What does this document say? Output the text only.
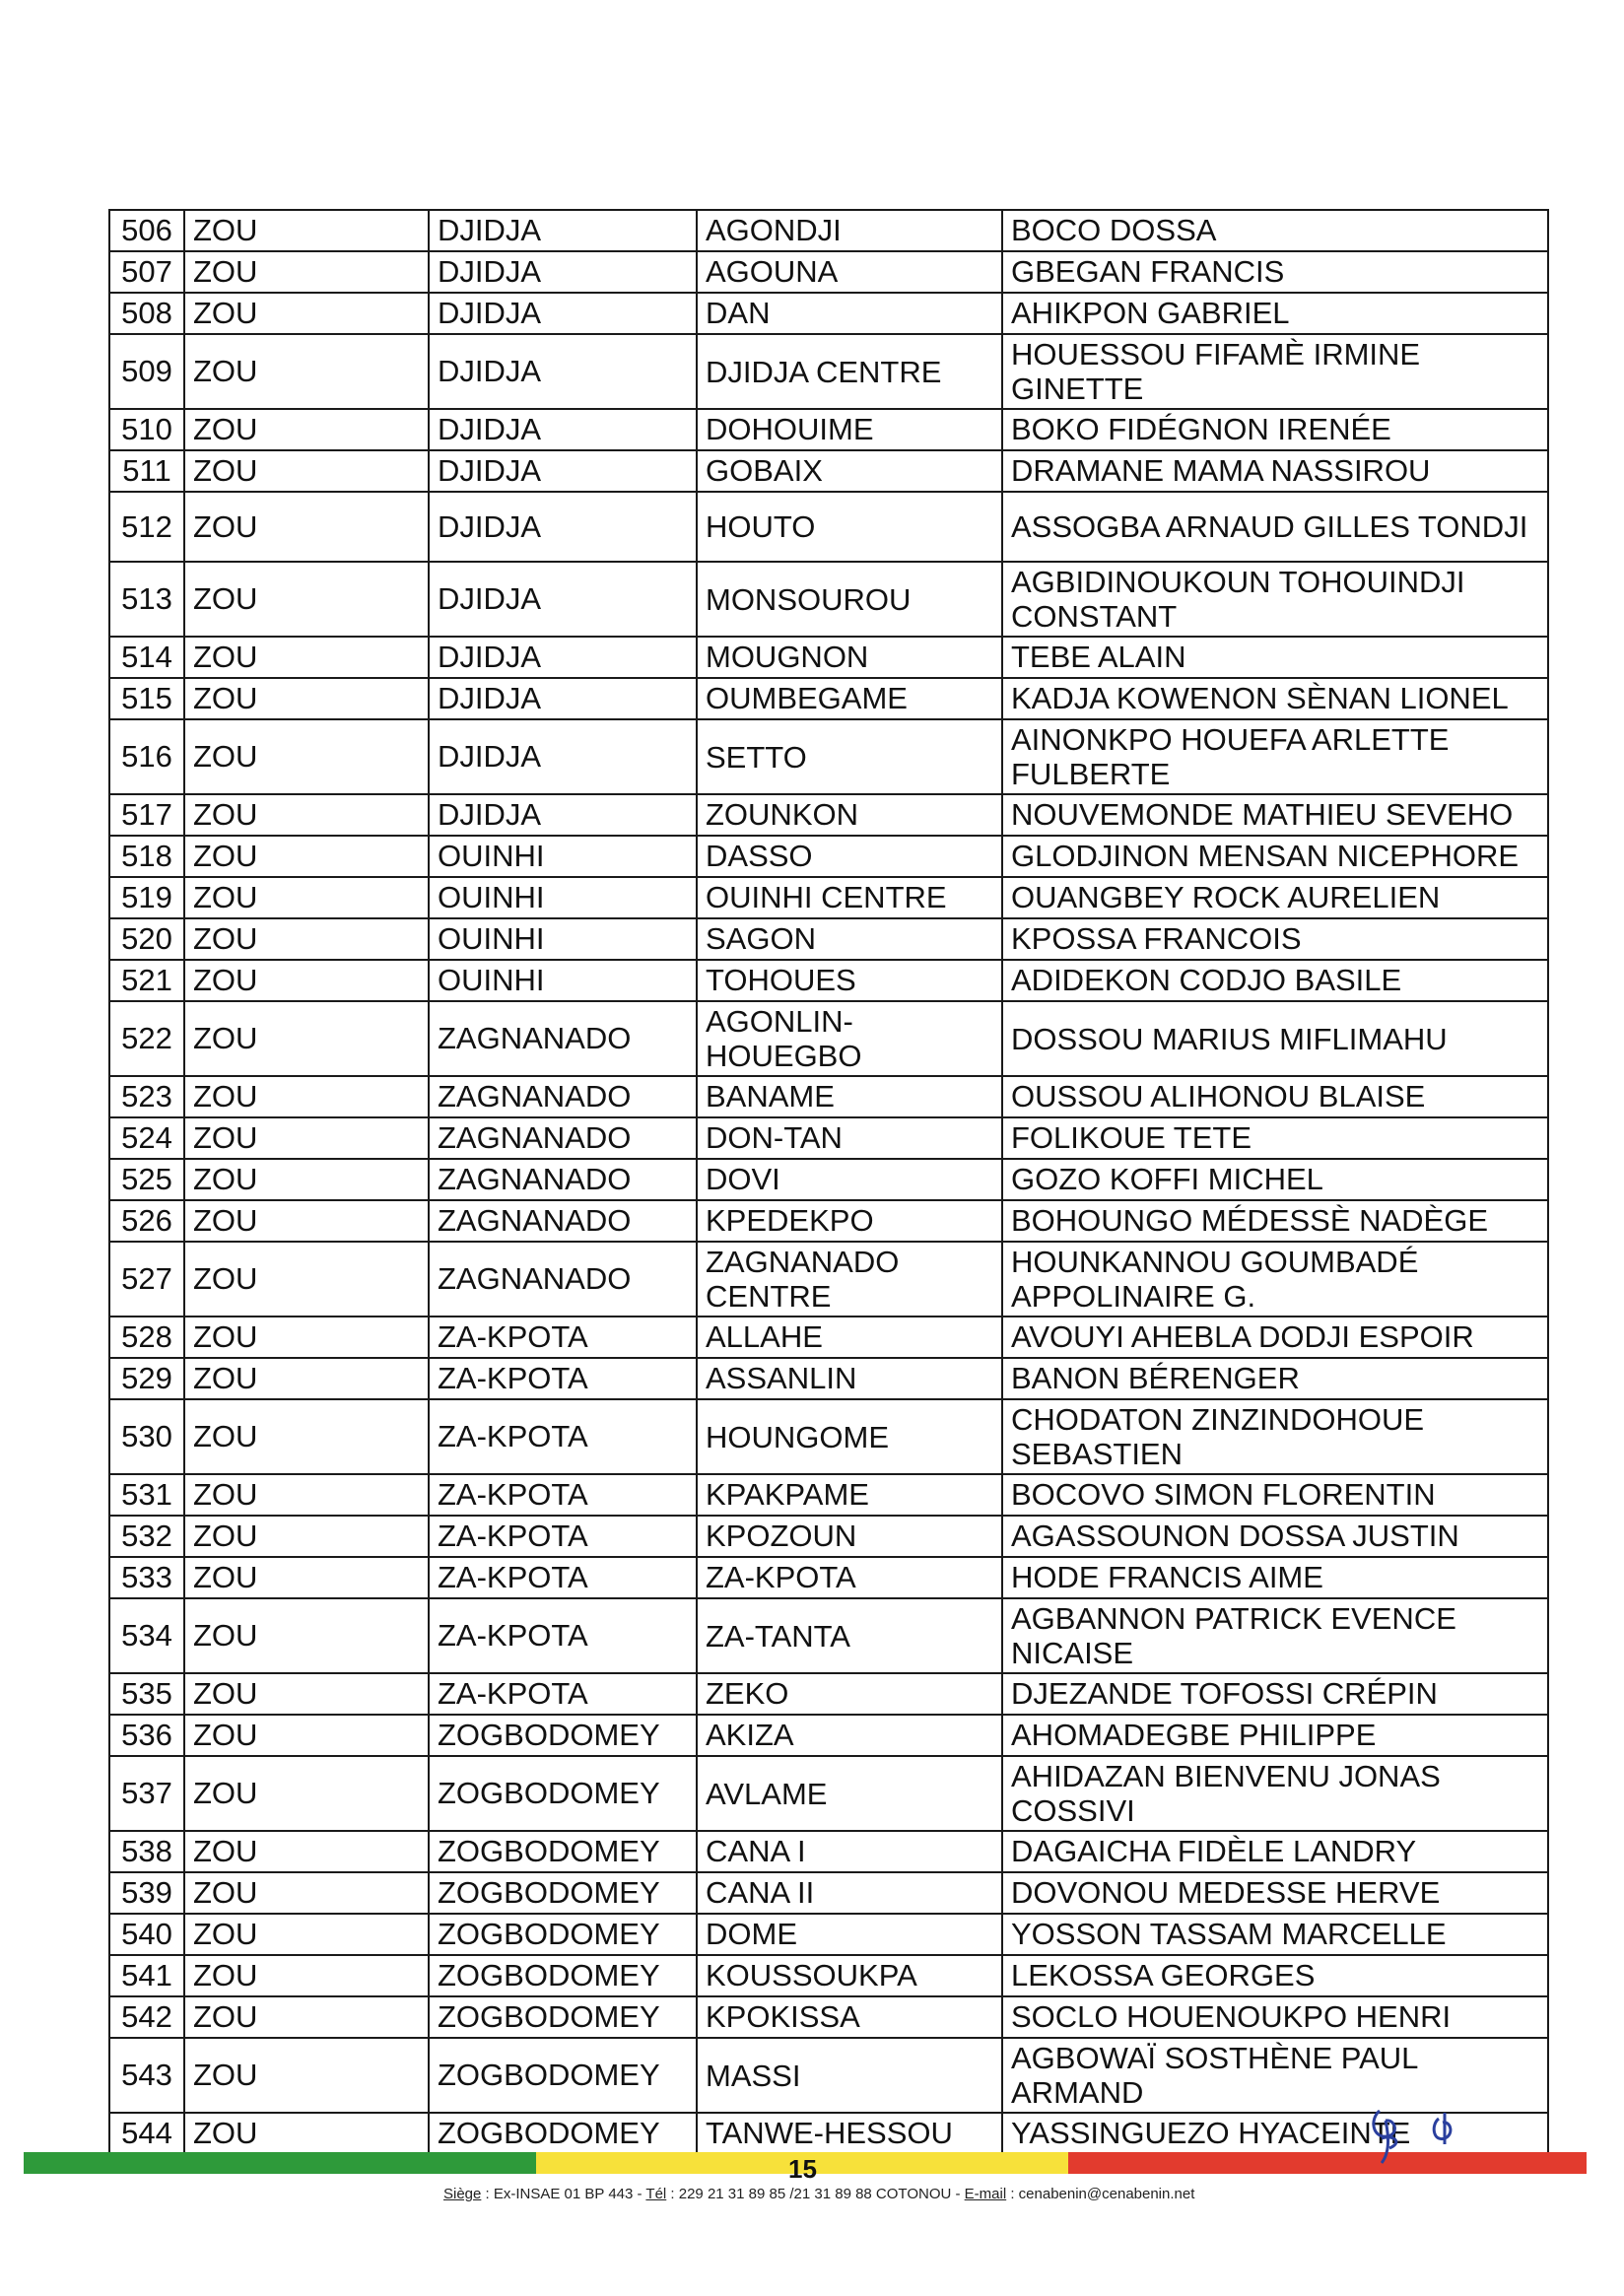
506	ZOU	DJIDJA	AGONDJI	BOCO DOSSA
507	ZOU	DJIDJA	AGOUNA	GBEGAN FRANCIS
508	ZOU	DJIDJA	DAN	AHIKPON GABRIEL
509	ZOU	DJIDJA	DJIDJA CENTRE	HOUESSOU FIFAMÈ IRMINE GINETTE
510	ZOU	DJIDJA	DOHOUIME	BOKO FIDÉGNON IRENÉE
511	ZOU	DJIDJA	GOBAIX	DRAMANE MAMA NASSIROU
512	ZOU	DJIDJA	HOUTO	ASSOGBA ARNAUD GILLES TONDJI
513	ZOU	DJIDJA	MONSOUROU	AGBIDINOUKOUN TOHOUINDJI CONSTANT
514	ZOU	DJIDJA	MOUGNON	TEBE ALAIN
515	ZOU	DJIDJA	OUMBEGAME	KADJA KOWENON SÈNAN LIONEL
516	ZOU	DJIDJA	SETTO	AINONKPO HOUEFA ARLETTE FULBERTE
517	ZOU	DJIDJA	ZOUNKON	NOUVEMONDE MATHIEU SEVEHO
518	ZOU	OUINHI	DASSO	GLODJINON MENSAN NICEPHORE
519	ZOU	OUINHI	OUINHI CENTRE	OUANGBEY ROCK AURELIEN
520	ZOU	OUINHI	SAGON	KPOSSA FRANCOIS
521	ZOU	OUINHI	TOHOUES	ADIDEKON CODJO BASILE
522	ZOU	ZAGNANADO	AGONLIN-HOUEGBO	DOSSOU MARIUS MIFLIMAHU
523	ZOU	ZAGNANADO	BANAME	OUSSOU ALIHONOU BLAISE
524	ZOU	ZAGNANADO	DON-TAN	FOLIKOUE TETE
525	ZOU	ZAGNANADO	DOVI	GOZO KOFFI MICHEL
526	ZOU	ZAGNANADO	KPEDEKPO	BOHOUNGO MÉDESSÈ NADÈGE
527	ZOU	ZAGNANADO	ZAGNANADO CENTRE	HOUNKANNOU GOUMBADÉ APPOLINAIRE G.
528	ZOU	ZA-KPOTA	ALLAHE	AVOUYI AHEBLA DODJI ESPOIR
529	ZOU	ZA-KPOTA	ASSANLIN	BANON BÉRENGER
530	ZOU	ZA-KPOTA	HOUNGOME	CHODATON ZINZINDOHOUE SEBASTIEN
531	ZOU	ZA-KPOTA	KPAKPAME	BOCOVO SIMON FLORENTIN
532	ZOU	ZA-KPOTA	KPOZOUN	AGASSOUNON DOSSA JUSTIN
533	ZOU	ZA-KPOTA	ZA-KPOTA	HODE FRANCIS AIME
534	ZOU	ZA-KPOTA	ZA-TANTA	AGBANNON PATRICK EVENCE NICAISE
535	ZOU	ZA-KPOTA	ZEKO	DJEZANDE TOFOSSI CRÉPIN
536	ZOU	ZOGBODOMEY	AKIZA	AHOMADEGBE PHILIPPE
537	ZOU	ZOGBODOMEY	AVLAME	AHIDAZAN BIENVENU JONAS COSSIVI
538	ZOU	ZOGBODOMEY	CANA I	DAGAICHA FIDÈLE LANDRY
539	ZOU	ZOGBODOMEY	CANA II	DOVONOU MEDESSE HERVE
540	ZOU	ZOGBODOMEY	DOME	YOSSON TASSAM MARCELLE
541	ZOU	ZOGBODOMEY	KOUSSOUKPA	LEKOSSA GEORGES
542	ZOU	ZOGBODOMEY	KPOKISSA	SOCLO HOUENOUKPO HENRI
543	ZOU	ZOGBODOMEY	MASSI	AGBOWAÏ SOSTHÈNE PAUL ARMAND
544	ZOU	ZOGBODOMEY	TANWE-HESSOU	YASSINGUEZO HYACEINTE
15
Siège : Ex-INSAE 01 BP 443 - Tél : 229 21 31 89 85 /21 31 89 88 COTONOU - E-mail : cenabenin@cenabenin.net
